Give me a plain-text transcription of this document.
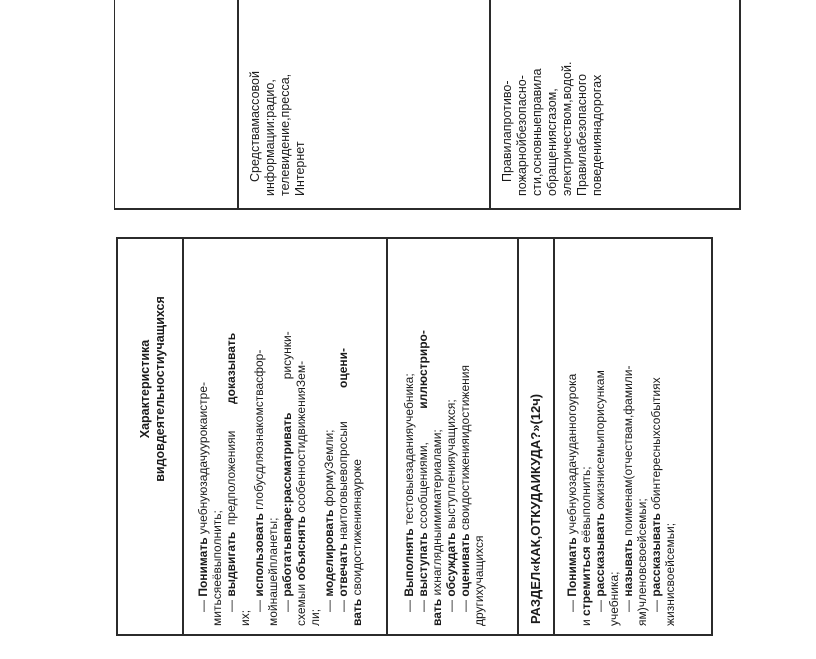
Средствамассовой информации:радио, телевидение,пресса, Интернет	Правилапротиво- пожарнойбезопасно- сти,основныеправила обращениясгазом, электричеством,водой. Правилабезопасного поведениянадорогах
Характеристика видовдеятельностиучащихся
— Понимать учебнуюзадачуурокаистре-
митьсяеёвыполнить; — выдвигать  предположенияи        доказывать
их;
— использовать глобусдляознакомствасфор-
мойнашейпланеты; — работатьвпаре:рассматривать          рисунки-
схемыи объяснять особенностидвиженияЗем-
ли;
— моделировать формуЗемли;
— отвечать наитоговыевопросыи          оцени-
вать своидостижениянауроке
— Выполнять тестовыезаданияучебника;
— выступать ссообщениями,          иллюстриро-
вать ихнаглядныимиматериалами;
— обсуждать выступленияучащихся;
— оценивать своидостиженияидостижения
другихучащихся	РАЗДЕЛ«КАК,ОТКУДАИКУДА?»(12ч) — Понимать учебнуюзадачуданногоурока
и стремиться еёвыполнить;
— рассказывать ожизнисемьипорисункам
учебника; — называть поименам(отчествам,фамили-
ям)членовсвоейсемьи; — рассказывать обинтересныхсобытиях
жизнисвоейсемьи;
